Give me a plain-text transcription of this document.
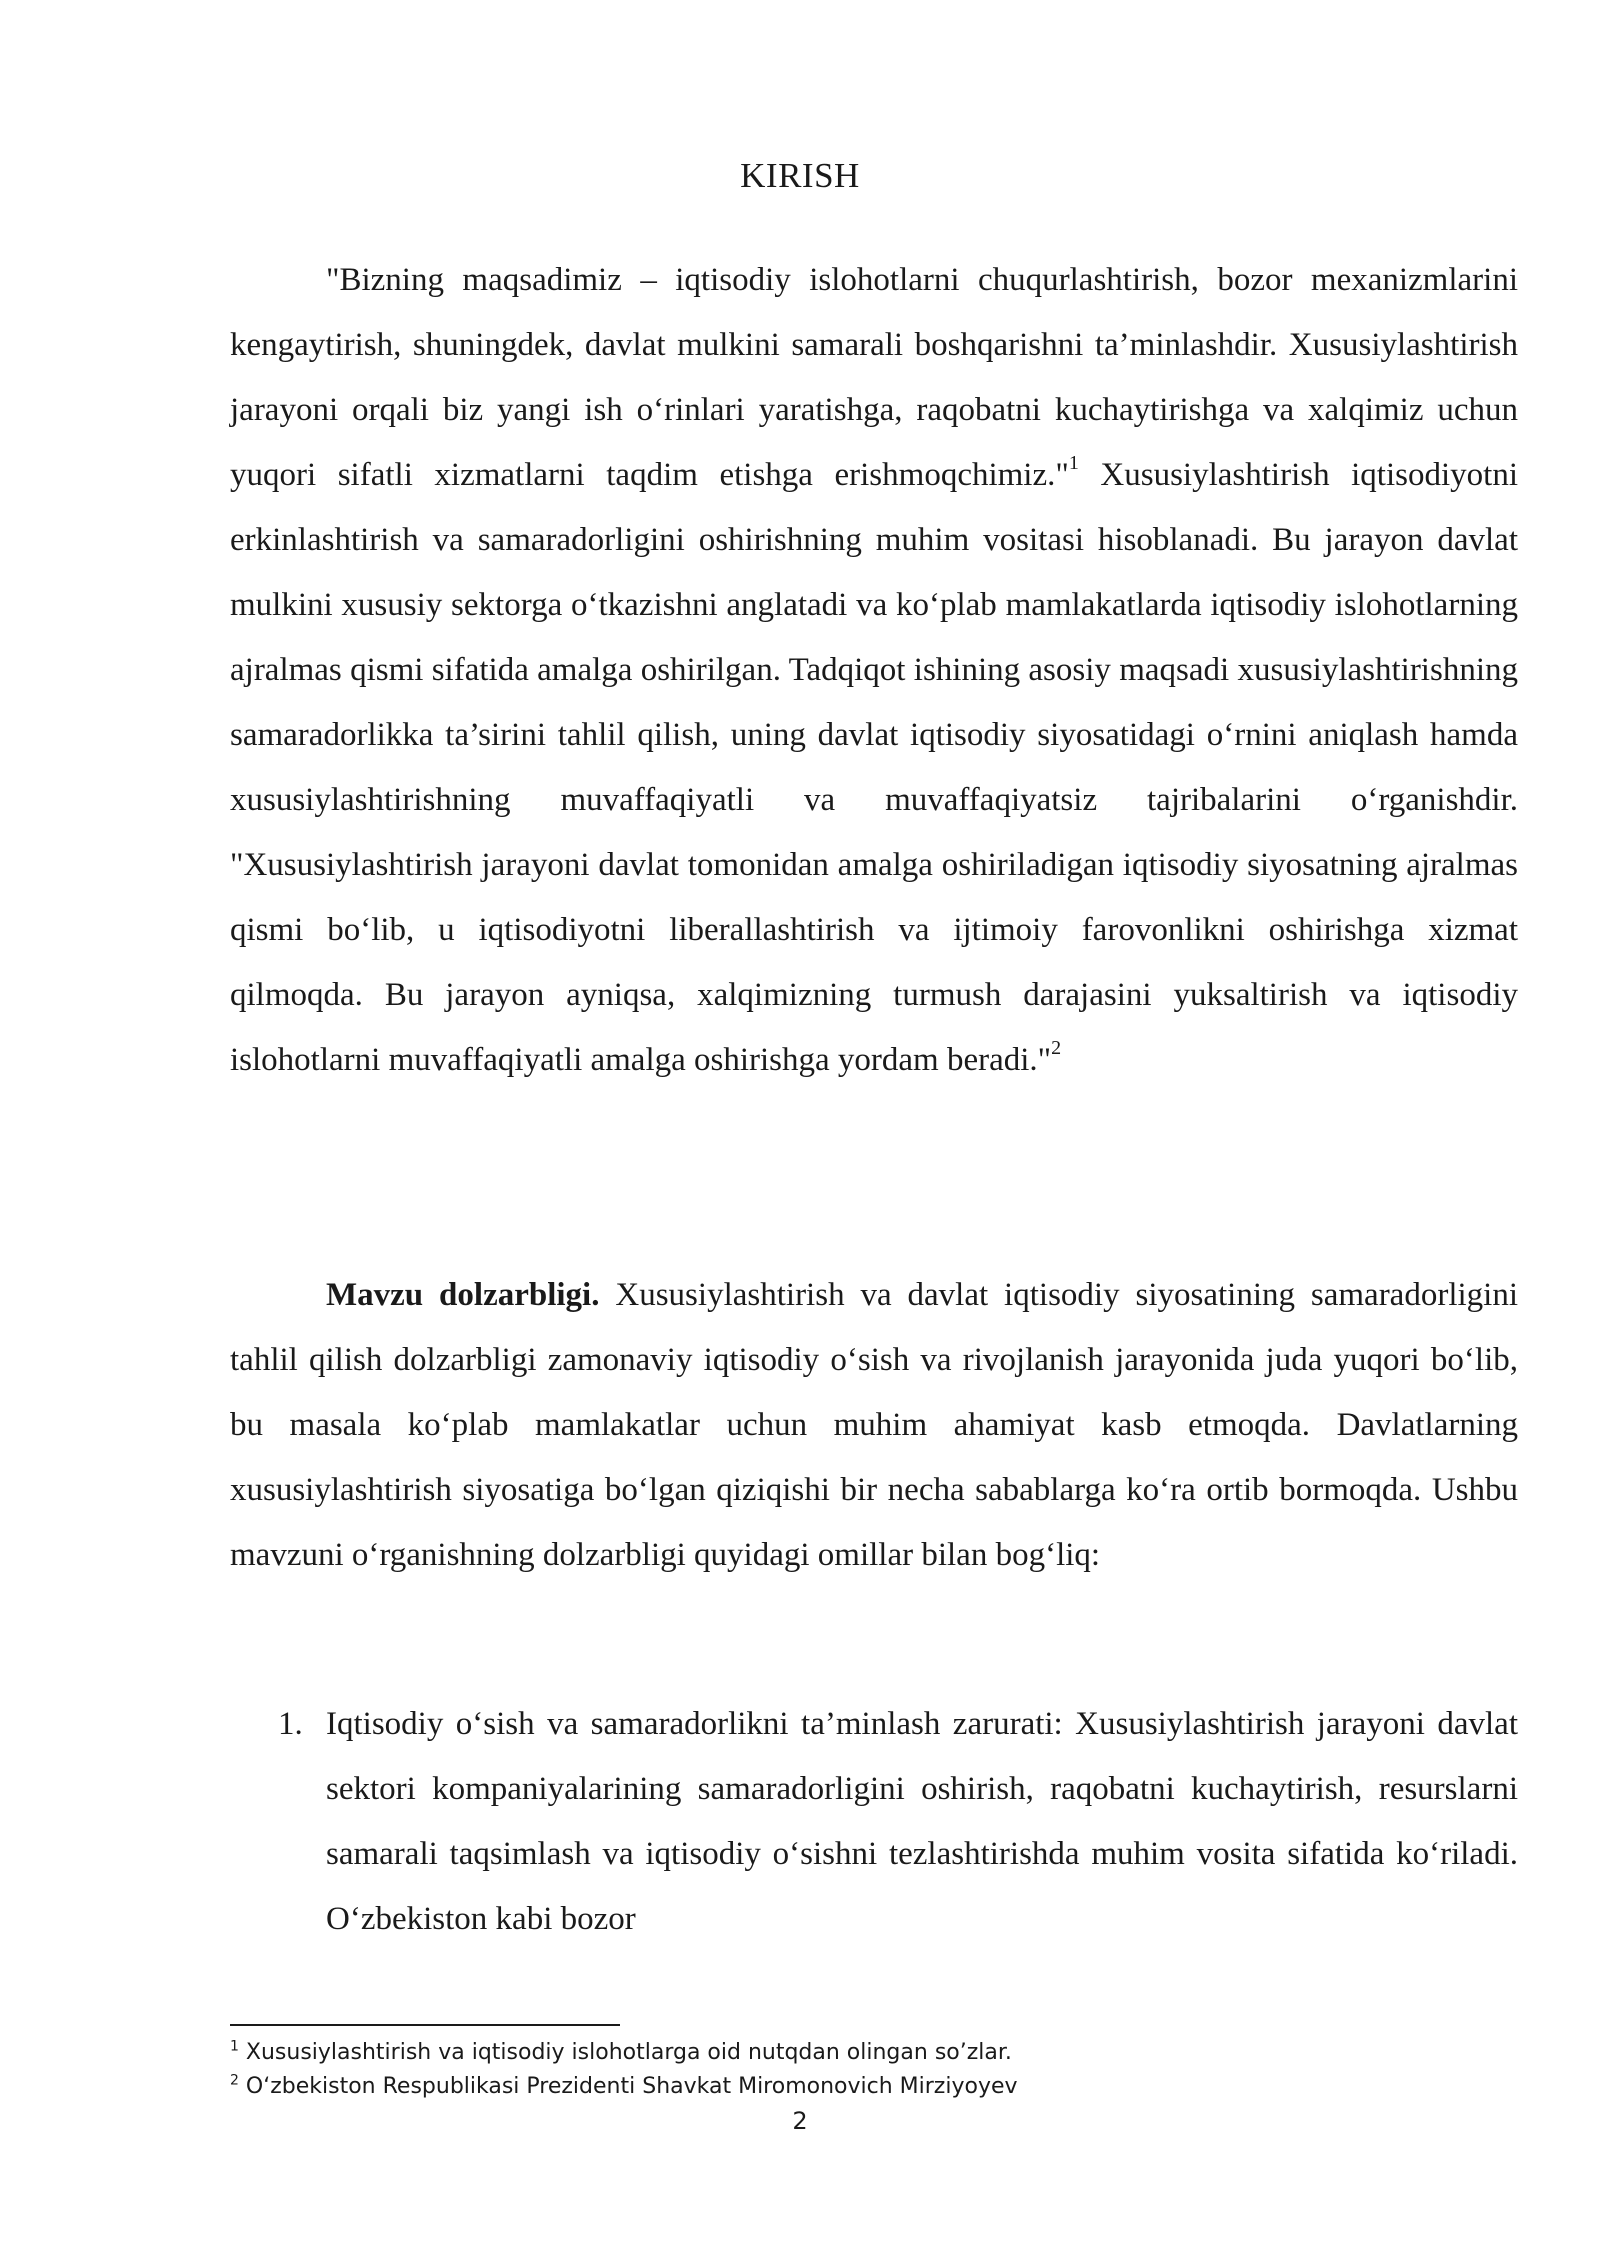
KIRISH

"Bizning maqsadimiz – iqtisodiy islohotlarni chuqurlashtirish, bozor mexanizmlarini kengaytirish, shuningdek, davlat mulkini samarali boshqarishni ta’minlashdir. Xususiylashtirish jarayoni orqali biz yangi ish o‘rinlari yaratishga, raqobatni kuchaytirishga va xalqimiz uchun yuqori sifatli xizmatlarni taqdim etishga erishmoqchimiz."$^1$ Xususiylashtirish iqtisodiyotni erkinlashtirish va samaradorligini oshirishning muhim vositasi hisoblanadi. Bu jarayon davlat mulkini xususiy sektorga o‘tkazishni anglatadi va ko‘plab mamlakatlarda iqtisodiy islohotlarning ajralmas qismi sifatida amalga oshirilgan. Tadqiqot ishining asosiy maqsadi xususiylashtirishning samaradorlikka ta’sirini tahlil qilish, uning davlat iqtisodiy siyosatidagi o‘rnini aniqlash hamda xususiylashtirishning muvaffaqiyatli va muvaffaqiyatsiz tajribalarini o‘rganishdir. "Xususiylashtirish jarayoni davlat tomonidan amalga oshiriladigan iqtisodiy siyosatning ajralmas qismi bo‘lib, u iqtisodiyotni liberallashtirish va ijtimoiy farovonlikni oshirishga xizmat qilmoqda. Bu jarayon ayniqsa, xalqimizning turmush darajasini yuksaltirish va iqtisodiy islohotlarni muvaffaqiyatli amalga oshirishga yordam beradi."$^2$

Mavzu dolzarbligi. Xususiylashtirish va davlat iqtisodiy siyosatining samaradorligini tahlil qilish dolzarbligi zamonaviy iqtisodiy o‘sish va rivojlanish jarayonida juda yuqori bo‘lib, bu masala ko‘plab mamlakatlar uchun muhim ahamiyat kasb etmoqda. Davlatlarning xususiylashtirish siyosatiga bo‘lgan qiziqishi bir necha sabablarga ko‘ra ortib bormoqda. Ushbu mavzuni o‘rganishning dolzarbligi quyidagi omillar bilan bog‘liq:

1. Iqtisodiy o‘sish va samaradorlikni ta’minlash zarurati: Xususiylashtirish jarayoni davlat sektori kompaniyalarining samaradorligini oshirish, raqobatni kuchaytirish, resurslarni samarali taqsimlash va iqtisodiy o‘sishni tezlashtirishda muhim vosita sifatida ko‘riladi. O‘zbekiston kabi bozor

$^1$ Xususiylashtirish va iqtisodiy islohotlarga oid nutqdan olingan so’zlar.

$^2$ O‘zbekiston Respublikasi Prezidenti Shavkat Miromonovich Mirziyoyev

2
